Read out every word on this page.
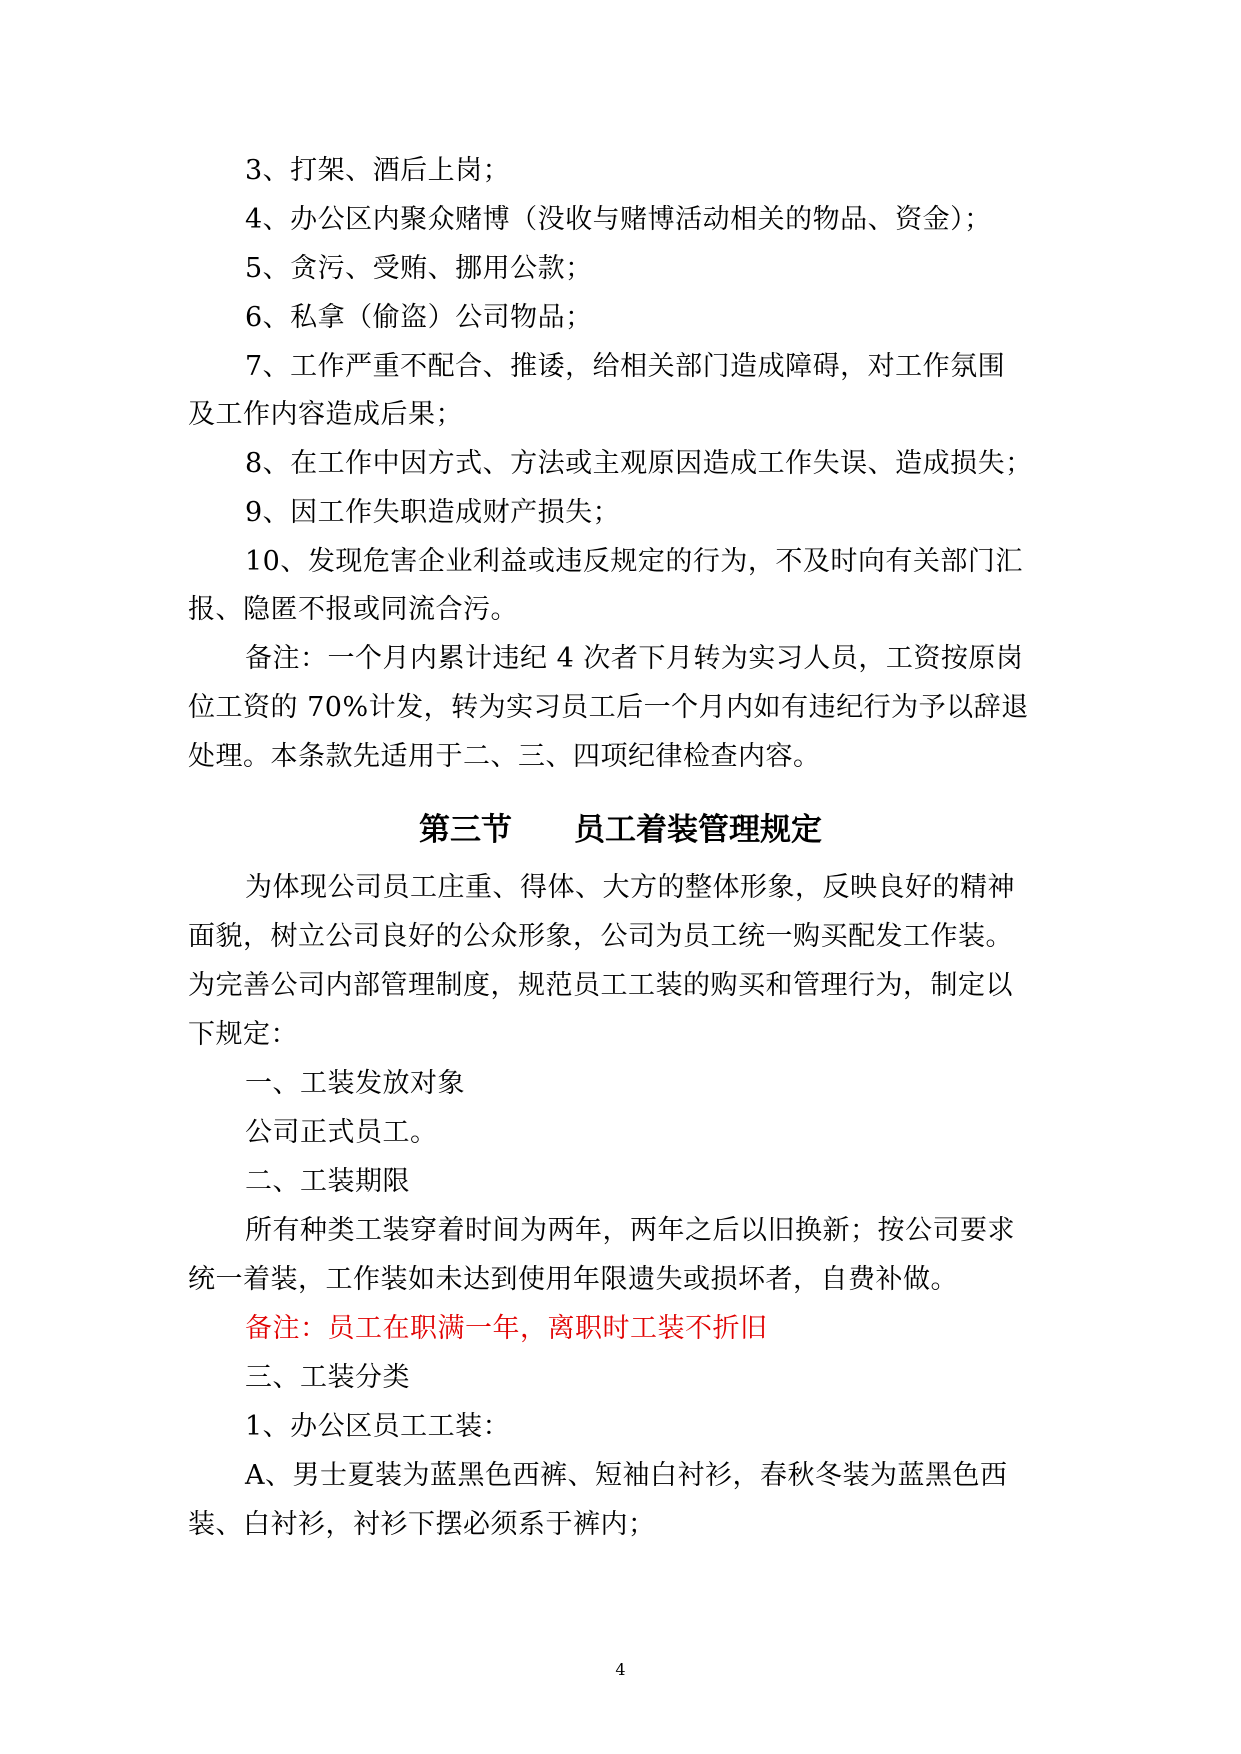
3、打架、酒后上岗；
4、办公区内聚众赌博（没收与赌博活动相关的物品、资金）；
5、贪污、受贿、挪用公款；
6、私拿（偷盗）公司物品；
7、工作严重不配合、推诿，给相关部门造成障碍，对工作氛围
及工作内容造成后果；
8、在工作中因方式、方法或主观原因造成工作失误、造成损失；
9、因工作失职造成财产损失；
10、发现危害企业利益或违反规定的行为，不及时向有关部门汇
报、隐匿不报或同流合污。
备注：一个月内累计违纪 4 次者下月转为实习人员，工资按原岗
位工资的 70%计发，转为实习员工后一个月内如有违纪行为予以辞退
处理。本条款先适用于二、三、四项纪律检查内容。
第三节　　员工着装管理规定
为体现公司员工庄重、得体、大方的整体形象，反映良好的精神
面貌，树立公司良好的公众形象，公司为员工统一购买配发工作装。
为完善公司内部管理制度，规范员工工装的购买和管理行为，制定以
下规定：
一、工装发放对象
公司正式员工。
二、工装期限
所有种类工装穿着时间为两年，两年之后以旧换新；按公司要求
统一着装，工作装如未达到使用年限遗失或损坏者，自费补做。
备注：员工在职满一年，离职时工装不折旧
三、工装分类
1、办公区员工工装：
A、男士夏装为蓝黑色西裤、短袖白衬衫，春秋冬装为蓝黑色西
装、白衬衫，衬衫下摆必须系于裤内；
4
